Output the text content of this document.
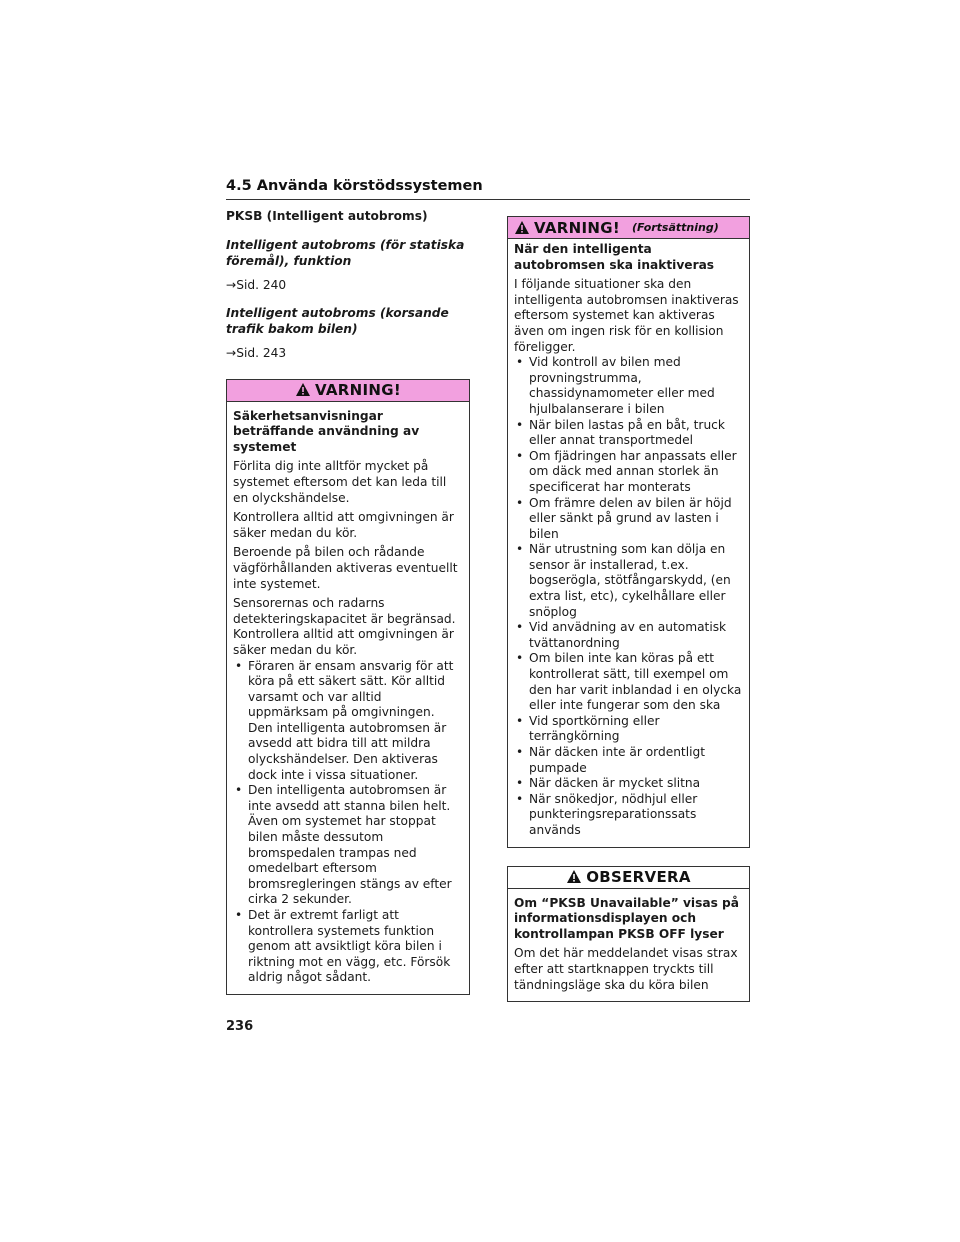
4.5 Använda körstödssystemen

PKSB (Intelligent autobroms)

Intelligent autobroms (för statiska föremål), funktion

→Sid. 240

Intelligent autobroms (korsande trafik bakom bilen)

→Sid. 243

VARNING!

Säkerhetsanvisningar beträffande användning av systemet

Förlita dig inte alltför mycket på systemet eftersom det kan leda till en olyckshändelse.

Kontrollera alltid att omgivningen är säker medan du kör.

Beroende på bilen och rådande vägförhållanden aktiveras eventuellt inte systemet.

Sensorernas och radarns detekteringskapacitet är begränsad. Kontrollera alltid att omgivningen är säker medan du kör.

• Föraren är ensam ansvarig för att köra på ett säkert sätt. Kör alltid varsamt och var alltid uppmärksam på omgivningen. Den intelligenta autobromsen är avsedd att bidra till att mildra olyckshändelser. Den aktiveras dock inte i vissa situationer.
• Den intelligenta autobromsen är inte avsedd att stanna bilen helt. Även om systemet har stoppat bilen måste dessutom bromspedalen trampas ned omedelbart eftersom bromsregleringen stängs av efter cirka 2 sekunder.
• Det är extremt farligt att kontrollera systemets funktion genom att avsiktligt köra bilen i riktning mot en vägg, etc. Försök aldrig något sådant.
VARNING! (Fortsättning)

När den intelligenta autobromsen ska inaktiveras

I följande situationer ska den intelligenta autobromsen inaktiveras eftersom systemet kan aktiveras även om ingen risk för en kollision föreligger.

• Vid kontroll av bilen med provningstrumma, chassidynamometer eller med hjulbalanserare i bilen
• När bilen lastas på en båt, truck eller annat transportmedel
• Om fjädringen har anpassats eller om däck med annan storlek än specificerat har monterats
• Om främre delen av bilen är höjd eller sänkt på grund av lasten i bilen
• När utrustning som kan dölja en sensor är installerad, t.ex. bogserögla, stötfångarskydd, (en extra list, etc), cykelhållare eller snöplog
• Vid anvädning av en automatisk tvättanordning
• Om bilen inte kan köras på ett kontrollerat sätt, till exempel om den har varit inblandad i en olycka eller inte fungerar som den ska
• Vid sportkörning eller terrängkörning
• När däcken inte är ordentligt pumpade
• När däcken är mycket slitna
• När snökedjor, nödhjul eller punkteringsreparationssats används
OBSERVERA

Om “PKSB Unavailable” visas på informationsdisplayen och kontrollampan PKSB OFF lyser

Om det här meddelandet visas strax efter att startknappen tryckts till tändningsläge ska du köra bilen

236
